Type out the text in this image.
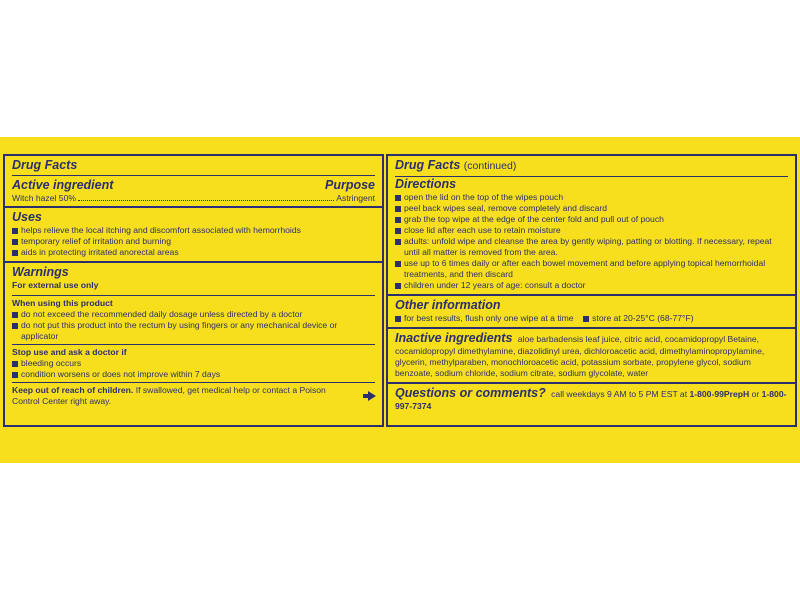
Drug Facts
Active ingredient	Purpose
Witch hazel 50%	Astringent
Uses
helps relieve the local itching and discomfort associated with hemorrhoids
temporary relief of irritation and burning
aids in protecting irritated anorectal areas
Warnings
For external use only
When using this product
do not exceed the recommended daily dosage unless directed by a doctor
do not put this product into the rectum by using fingers or any mechanical device or applicator
Stop use and ask a doctor if
bleeding occurs
condition worsens or does not improve within 7 days
Keep out of reach of children. If swallowed, get medical help or contact a Poison Control Center right away.
Drug Facts (continued)
Directions
open the lid on the top of the wipes pouch
peel back wipes seal, remove completely and discard
grab the top wipe at the edge of the center fold and pull out of pouch
close lid after each use to retain moisture
adults: unfold wipe and cleanse the area by gently wiping, patting or blotting. If necessary, repeat until all matter is removed from the area.
use up to 6 times daily or after each bowel movement and before applying topical hemorrhoidal treatments, and then discard
children under 12 years of age: consult a doctor
Other information
for best results, flush only one wipe at a time store at 20-25°C (68-77°F)
Inactive ingredients aloe barbadensis leaf juice, citric acid, cocamidopropyl Betaine, cocamidopropyl dimethylamine, diazolidinyl urea, dichloroacetic acid, dimethylaminopropylamine, glycerin, methylparaben, monochloroacetic acid, potassium sorbate, propylene glycol, sodium benzoate, sodium chloride, sodium citrate, sodium glycolate, water
Questions or comments? call weekdays 9 AM to 5 PM EST at 1-800-99PrepH or 1-800-997-7374
